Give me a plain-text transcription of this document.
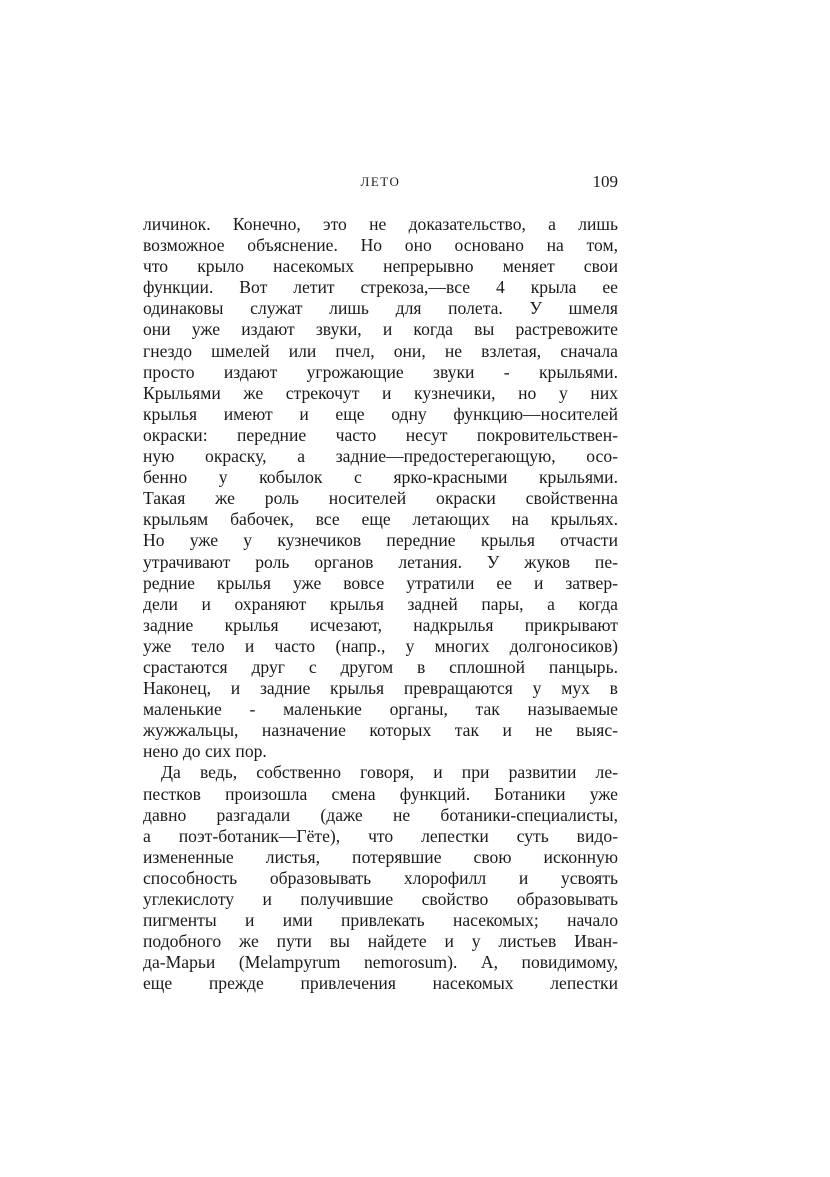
ЛЕТО	109
личинок. Конечно, это не доказательство, а лишь
возможное объяснение. Но оно основано на том,
что крыло насекомых непрерывно меняет свои
функции. Вот летит стрекоза,—все 4 крыла ее
одинаковы служат лишь для полета. У шмеля
они уже издают звуки, и когда вы растревожите
гнездо шмелей или пчел, они, не взлетая, сначала
просто издают угрожающие звуки - крыльями.
Крыльями же стрекочут и кузнечики, но у них
крылья имеют и еще одну функцию—носителей
окраски: передние часто несут покровительствен-
ную окраску, а задние—предостерегающую, осо-
бенно у кобылок с ярко-красными крыльями.
Такая же роль носителей окраски свойственна
крыльям бабочек, все еще летающих на крыльях.
Но уже у кузнечиков передние крылья отчасти
утрачивают роль органов летания. У жуков пе-
редние крылья уже вовсе утратили ее и затвер-
дели и охраняют крылья задней пары, а когда
задние крылья исчезают, надкрылья прикрывают
уже тело и часто (напр., у многих долгоносиков)
срастаются друг с другом в сплошной панцырь.
Наконец, и задние крылья превращаются у мух в
маленькие - маленькие органы, так называемые
жужжальцы, назначение которых так и не выяс-
нено до сих пор.
Да ведь, собственно говоря, и при развитии ле-
пестков произошла смена функций. Ботаники уже
давно разгадали (даже не ботаники-специалисты,
а поэт-ботаник—Гёте), что лепестки суть видо-
измененные листья, потерявшие свою исконную
способность образовывать хлорофилл и усвоять
углекислоту и получившие свойство образовывать
пигменты и ими привлекать насекомых; начало
подобного же пути вы найдете и у листьев Иван-
да-Марьи (Melampyrum nemorosum). А, повидимому,
еще прежде привлечения насекомых лепестки
